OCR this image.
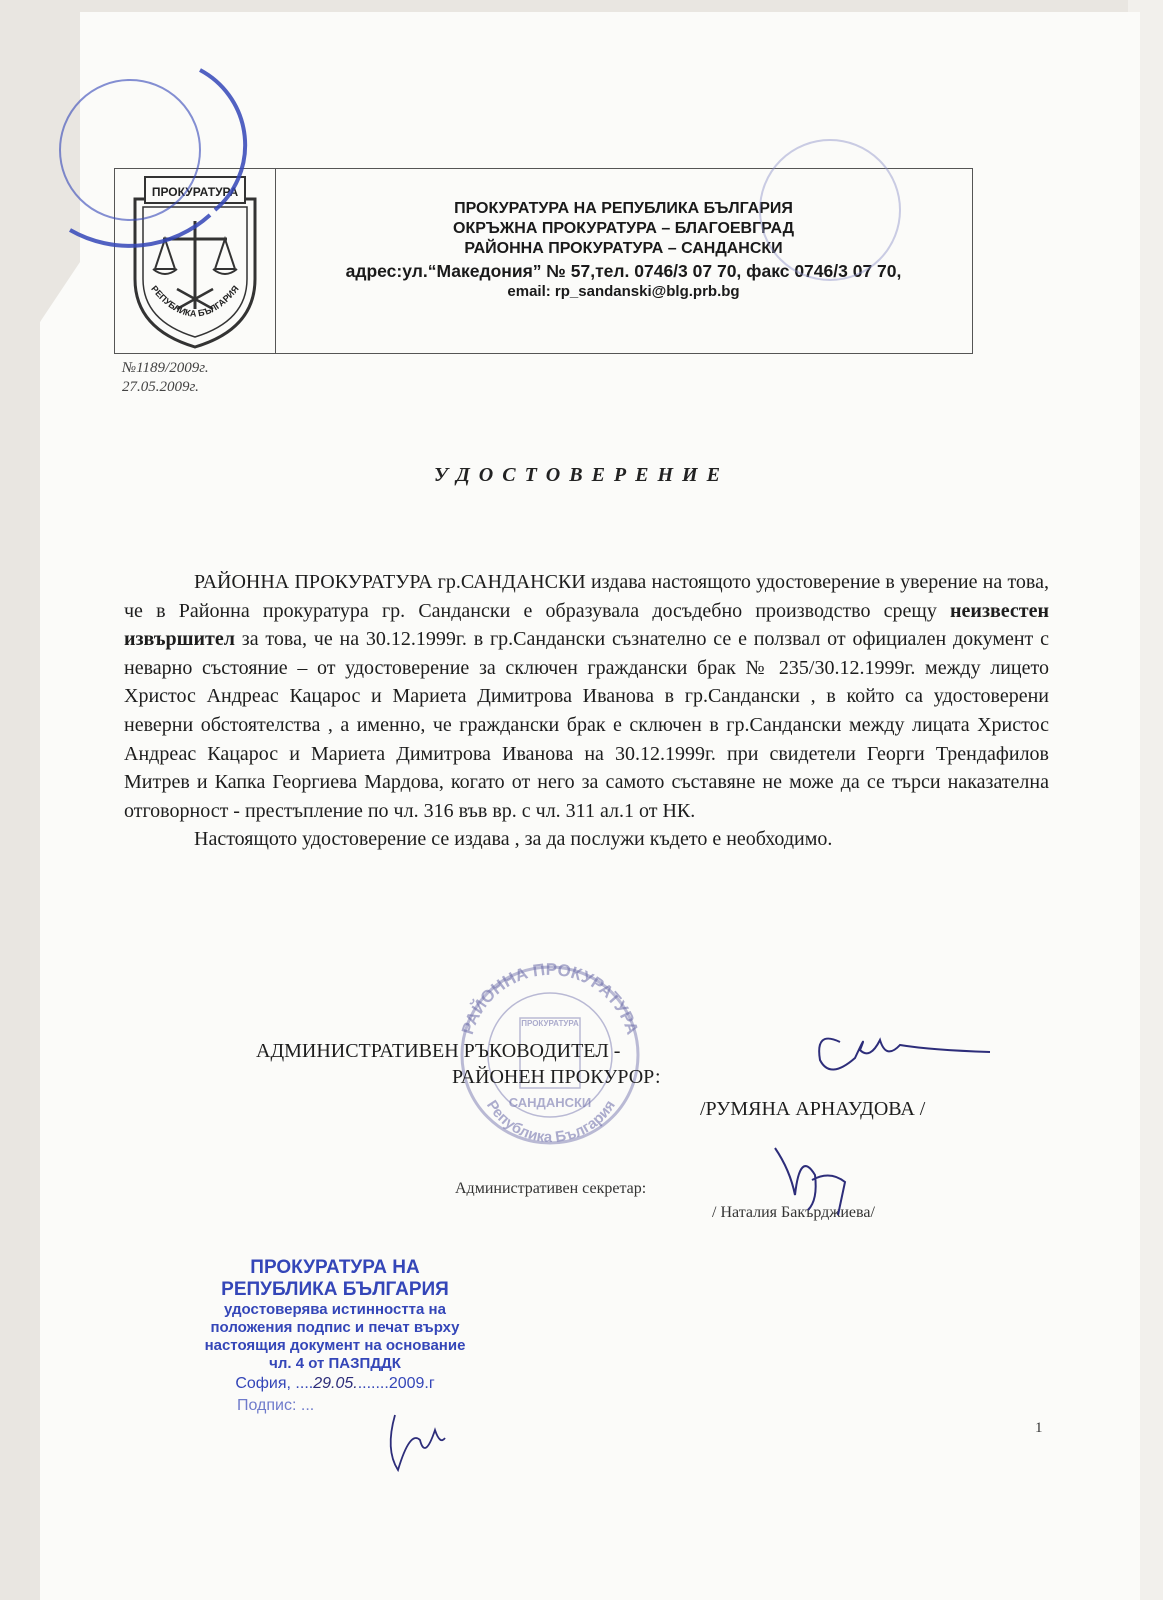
ПРОКУРАТУРА
РЕПУБЛИКА БЪЛГАРИЯ
ПРОКУРАТУРА НА РЕПУБЛИКА БЪЛГАРИЯ
ОКРЪЖНА ПРОКУРАТУРА – БЛАГОЕВГРАД
РАЙОННА ПРОКУРАТУРА – САНДАНСКИ
адрес:ул.“Македония” № 57,тел. 0746/3 07 70, факс 0746/3 07 70,
email: rp_sandanski@blg.prb.bg
№1189/2009г.
27.05.2009г.
УДОСТОВЕРЕНИЕ

РАЙОННА ПРОКУРАТУРА гр.САНДАНСКИ издава настоящото удостоверение в уверение на това, че в Районна прокуратура гр. Сандански е образувала досъдебно производство срещу неизвестен извършител за това, че на 30.12.1999г. в гр.Сандански съзнателно се е ползвал от официален документ с неварно състояние – от удостоверение за сключен граждански брак № 235/30.12.1999г. между лицето Христос Андреас Кацарос и Мариета Димитрова Иванова в гр.Сандански , в който са удостоверени неверни обстоятелства , а именно, че граждански брак е сключен в гр.Сандански между лицата Христос Андреас Кацарос и Мариета Димитрова Иванова на 30.12.1999г. при свидетели Георги Трендафилов Митрев и Капка Георгиева Мардова, когато от него за самото съставяне не може да се търси наказателна отговорност - престъпление по чл. 316 във вр. с чл. 311 ал.1 от НК.

Настоящото удостоверение се издава , за да послужи където е необходимо.

РАЙОННА ПРОКУРАТУРА
ПРОКУРАТУРА
САНДАНСКИ
Република България
АДМИНИСТРАТИВЕН РЪКОВОДИТЕЛ -
РАЙОНЕН ПРОКУРОР:
/РУМЯНА АРНАУДОВА /
Административен секретар:
/ Наталия Бакърджиева/
ПРОКУРАТУРА НА
РЕПУБЛИКА БЪЛГАРИЯ
удостоверява истинността на
положения подпис и печат върху
настоящия документ на основание
чл. 4 от ПАЗПДДК
София, ....29.05........2009.г
Подпис: ...
1
